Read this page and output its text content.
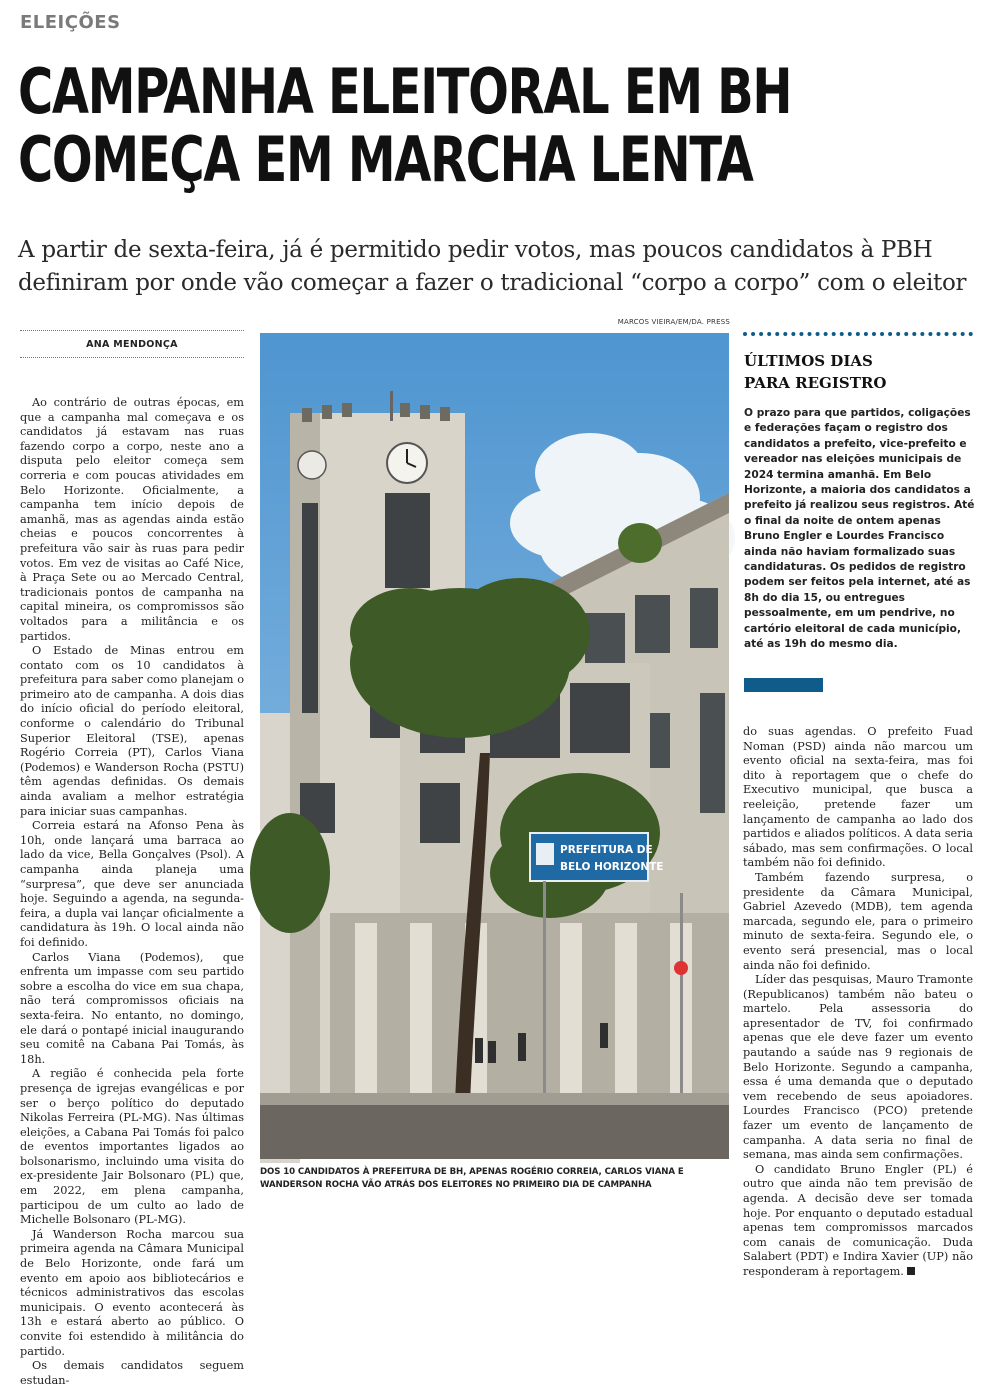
ELEIÇÕES
CAMPANHA ELEITORAL EM BH
COMEÇA EM MARCHA LENTA

A partir de sexta-feira, já é permitido pedir votos, mas poucos candidatos à PBH definiram por onde vão começar a fazer o tradicional “corpo a corpo” com o eleitor

ANA MENDONÇA

Ao contrário de outras épocas, em que a campanha mal começava e os candidatos já estavam nas ruas fazendo corpo a corpo, neste ano a disputa pelo eleitor começa sem correria e com poucas atividades em Belo Horizonte. Oficialmente, a campanha tem início depois de amanhã, mas as agendas ainda estão cheias e poucos concorrentes à prefeitura vão sair às ruas para pedir votos. Em vez de visitas ao Café Nice, à Praça Sete ou ao Mercado Central, tradicionais pontos de campanha na capital mineira, os compromissos são voltados para a militância e os partidos.

O Estado de Minas entrou em contato com os 10 candidatos à prefeitura para saber como planejam o primeiro ato de campanha. A dois dias do início oficial do período eleitoral, conforme o calendário do Tribunal Superior Eleitoral (TSE), apenas Rogério Correia (PT), Carlos Viana (Podemos) e Wanderson Rocha (PSTU) têm agendas definidas. Os demais ainda avaliam a melhor estratégia para iniciar suas campanhas.

Correia estará na Afonso Pena às 10h, onde lançará uma barraca ao lado da vice, Bella Gonçalves (Psol). A campanha ainda planeja uma “surpresa”, que deve ser anunciada hoje. Seguindo a agenda, na segunda-feira, a dupla vai lançar oficialmente a candidatura às 19h. O local ainda não foi definido.

Carlos Viana (Podemos), que enfrenta um impasse com seu partido sobre a escolha do vice em sua chapa, não terá compromissos oficiais na sexta-feira. No entanto, no domingo, ele dará o pontapé inicial inaugurando seu comitê na Cabana Pai Tomás, às 18h.

A região é conhecida pela forte presença de igrejas evangélicas e por ser o berço político do deputado Nikolas Ferreira (PL-MG). Nas últimas eleições, a Cabana Pai Tomás foi palco de eventos importantes ligados ao bolsonarismo, incluindo uma visita do ex-presidente Jair Bolsonaro (PL) que, em 2022, em plena campanha, participou de um culto ao lado de Michelle Bolsonaro (PL-MG).

Já Wanderson Rocha marcou sua primeira agenda na Câmara Municipal de Belo Horizonte, onde fará um evento em apoio aos bibliotecários e técnicos administrativos das escolas municipais. O evento acontecerá às 13h e estará aberto ao público. O convite foi estendido à militância do partido.

Os demais candidatos seguem estudan-

MARCOS VIEIRA/EM/DA. PRESS
PREFEITURA DE
BELO HORIZONTE

DOS 10 CANDIDATOS À PREFEITURA DE BH, APENAS ROGÉRIO CORREIA, CARLOS VIANA E WANDERSON ROCHA VÃO ATRÁS DOS ELEITORES NO PRIMEIRO DIA DE CAMPANHA

ÚLTIMOS DIAS
PARA REGISTRO

O prazo para que partidos, coligações e federações façam o registro dos candidatos a prefeito, vice-prefeito e vereador nas eleições municipais de 2024 termina amanhã. Em Belo Horizonte, a maioria dos candidatos a prefeito já realizou seus registros. Até o final da noite de ontem apenas Bruno Engler e Lourdes Francisco ainda não haviam formalizado suas candidaturas. Os pedidos de registro podem ser feitos pela internet, até as 8h do dia 15, ou entregues pessoalmente, em um pendrive, no cartório eleitoral de cada município, até as 19h do mesmo dia.

do suas agendas. O prefeito Fuad Noman (PSD) ainda não marcou um evento oficial na sexta-feira, mas foi dito à reportagem que o chefe do Executivo municipal, que busca a reeleição, pretende fazer um lançamento de campanha ao lado dos partidos e aliados políticos. A data seria sábado, mas sem confirmações. O local também não foi definido.

Também fazendo surpresa, o presidente da Câmara Municipal, Gabriel Azevedo (MDB), tem agenda marcada, segundo ele, para o primeiro minuto de sexta-feira. Segundo ele, o evento será presencial, mas o local ainda não foi definido.

Líder das pesquisas, Mauro Tramonte (Republicanos) também não bateu o martelo. Pela assessoria do apresentador de TV, foi confirmado apenas que ele deve fazer um evento pautando a saúde nas 9 regionais de Belo Horizonte. Segundo a campanha, essa é uma demanda que o deputado vem recebendo de seus apoiadores. Lourdes Francisco (PCO) pretende fazer um evento de lançamento de campanha. A data seria no final de semana, mas ainda sem confirmações.

O candidato Bruno Engler (PL) é outro que ainda não tem previsão de agenda. A decisão deve ser tomada hoje. Por enquanto o deputado estadual apenas tem compromissos marcados com canais de comunicação. Duda Salabert (PDT) e Indira Xavier (UP) não responderam à reportagem.
